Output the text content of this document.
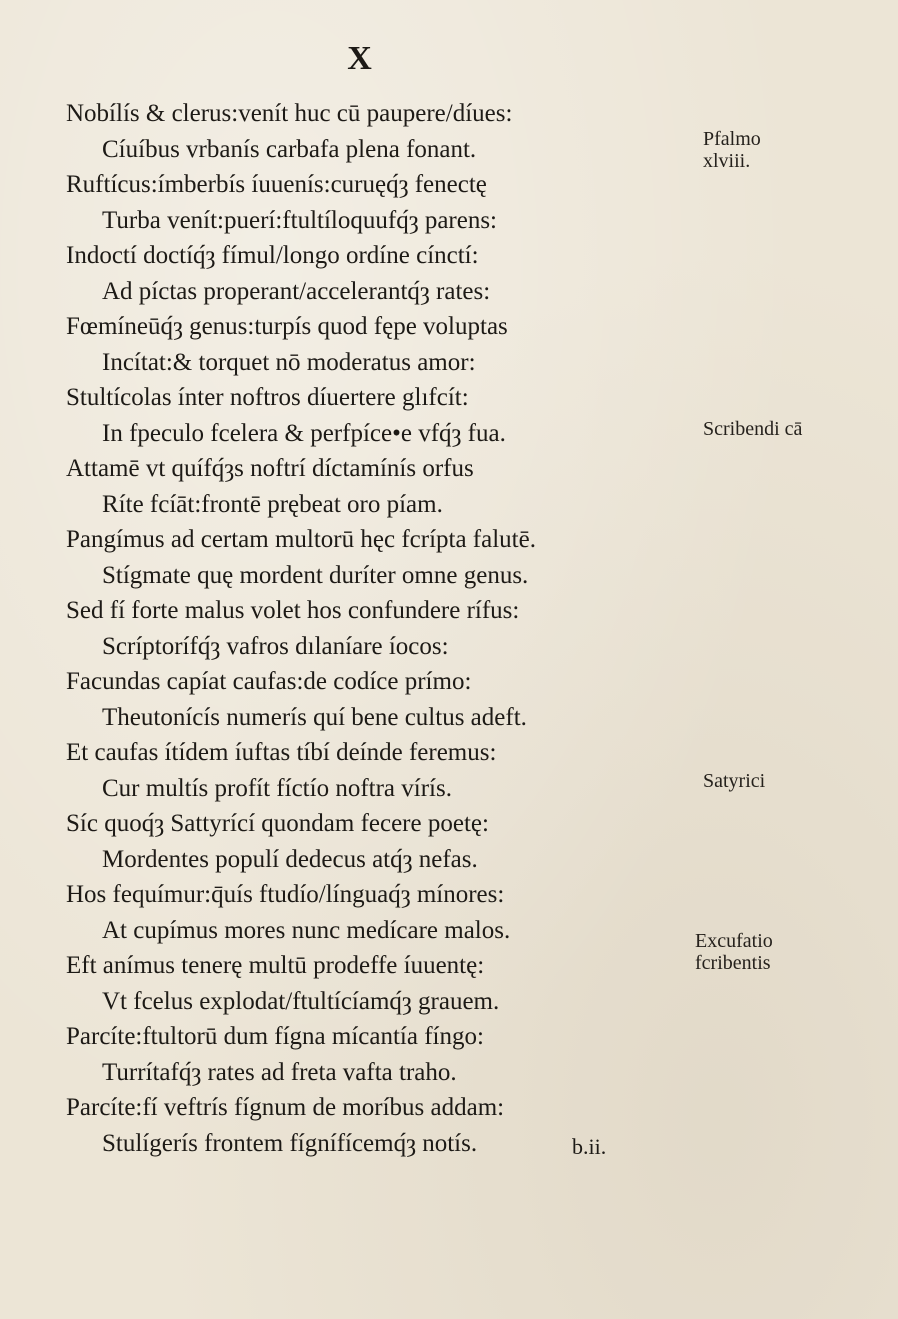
X
Nobílís & clerus:venít huc cū paupere/díues:
Cíuíbus vrbanís carbafa plena fonant.
Ruftícus:ímberbís íuuenís:curuęq́ȝ fenectę
Turba venít:puerí:ftultíloquufq́ȝ parens:
Indoctí doctíq́ȝ fímul/longo ordíne cínctí:
Ad píctas properant/accelerantq́ȝ rates:
Fœmíneūq́ȝ genus:turpís quod fępe voluptas
Incítat:& torquet nō moderatus amor:
Stultícolas ínter noftros díuertere glıfcít:
In fpeculo fcelera & perfpíce•e vfq́ȝ fua.
Attamē vt quífq́ȝs noftrí díctamínís orfus
Ríte fcíāt:frontē prębeat oro píam.
Pangímus ad certam multorū hęc fcrípta falutē.
Stígmate quę mordent duríter omne genus.
Sed fí forte malus volet hos confundere rífus:
Scríptorífq́ȝ vafros dılaníare íocos:
Facundas capíat caufas:de codíce prímo:
Theutonícís numerís quí bene cultus adeft.
Et caufas ítídem íuftas tíbí deínde feremus:
Cur multís profít fíctío noftra vírís.
Síc quoq́ȝ Sattyrící quondam fecere poetę:
Mordentes populí dedecus atq́ȝ nefas.
Hos fequímur:q̄uís ftudío/línguaq́ȝ mínores:
At cupímus mores nunc medícare malos.
Eft anímus tenerę multū prodeffe íuuentę:
Vt fcelus explodat/ftultícíamq́ȝ grauem.
Parcíte:ftultorū dum fígna mícantía fíngo:
Turrítafq́ȝ rates ad freta vafta traho.
Parcíte:fí veftrís fígnum de moríbus addam:
Stulígerís frontem fígnífícemq́ȝ notís.	b.ii.
Pfalmo
xlviii.
Scribendi cā
Satyrici
Excufatio
fcribentis
